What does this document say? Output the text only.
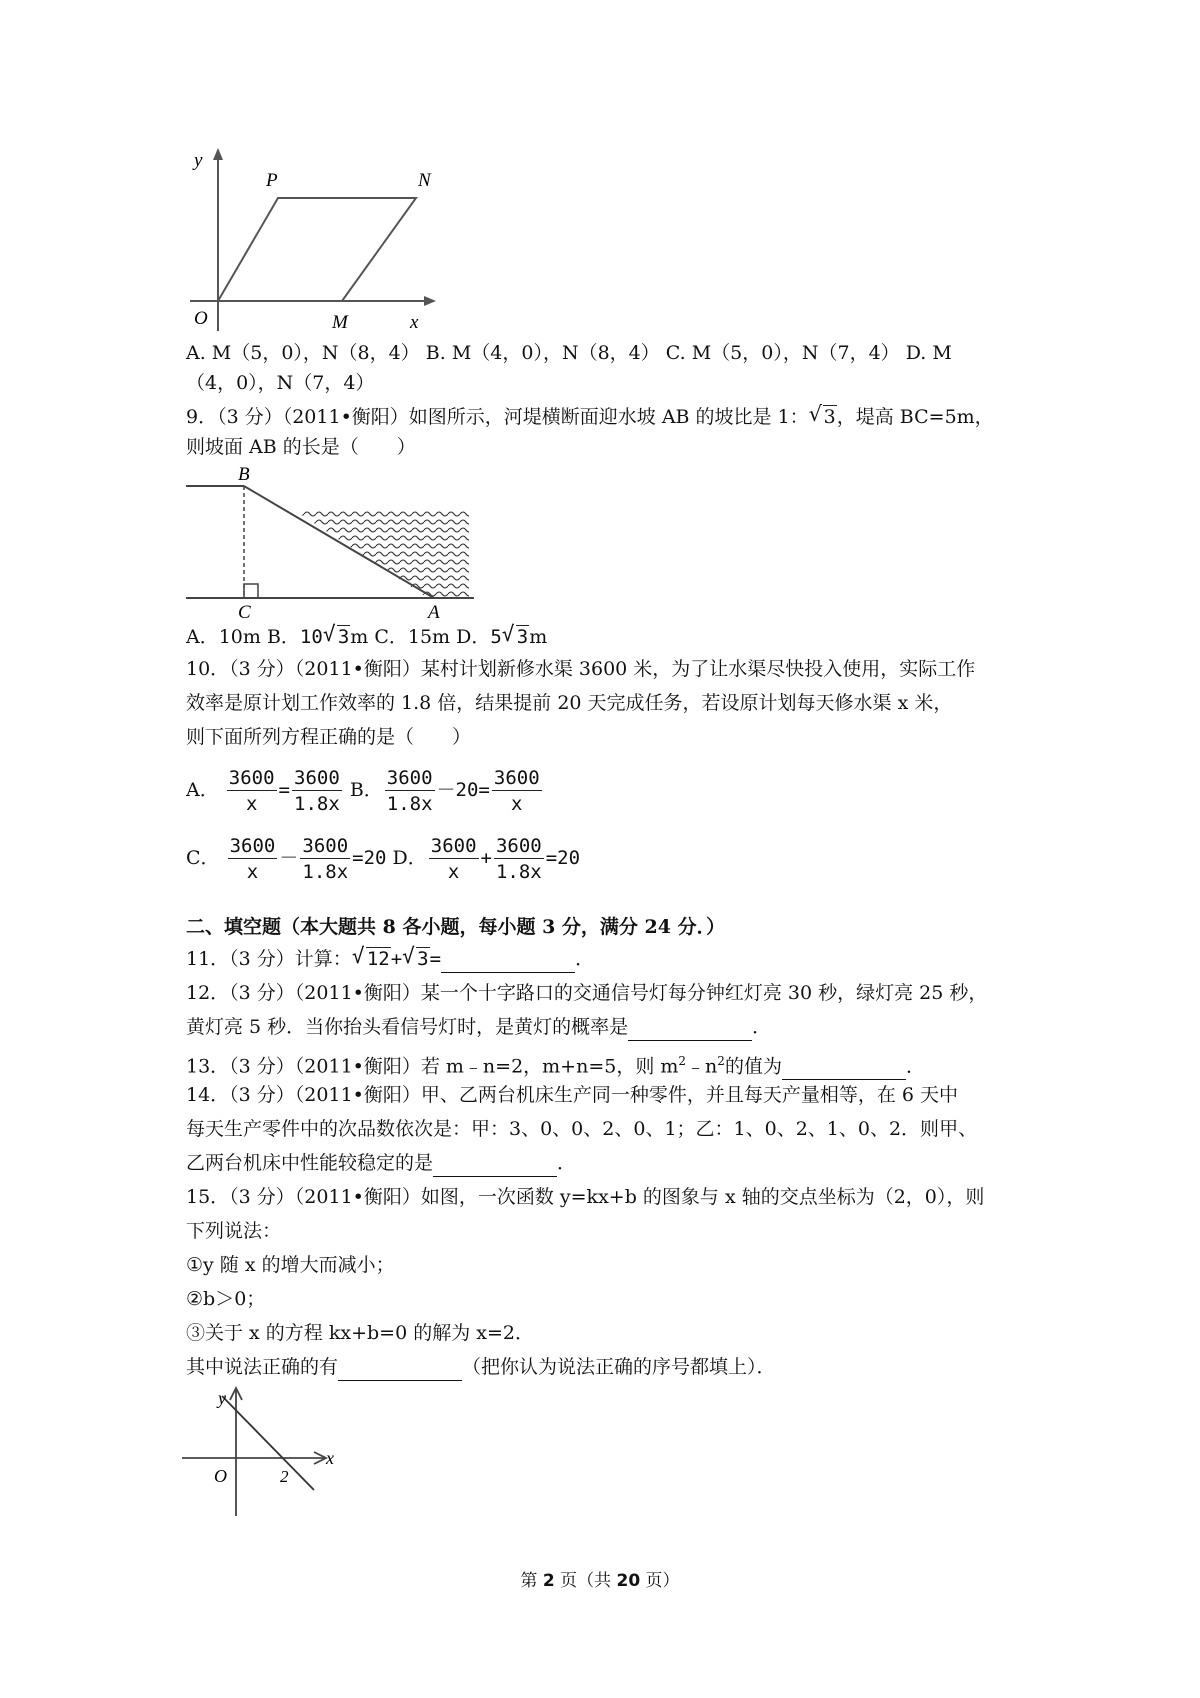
y
P	N
O	M	x
A. M（5，0），N（8，4） B. M（4，0），N（8，4） C. M（5，0），N（7，4） D. M
（4，0），N（7，4）
9．（3 分）（2011•衡阳）如图所示，河堤横断面迎水坡 AB 的坡比是 1： √ 3，堤高 BC=5m，
则坡面 AB 的长是（　　）
B
C	A
A．10m B．10 √ 3m C．15m D．5 √ 3m
10．（3 分）（2011•衡阳）某村计划新修水渠 3600 米，为了让水渠尽快投入使用，实际工作
效率是原计划工作效率的 1.8 倍，结果提前 20 天完成任务，若设原计划每天修水渠 x 米，
则下面所列方程正确的是（　　）
A． $\frac{3600}{x} = \frac{3600}{1.8x}$ B． $\frac{3600}{1.8x} -20= \frac{3600}{x}$
C． $\frac{3600}{x} - \frac{3600}{1.8x} =20$ D． $\frac{3600}{x} + \frac{3600}{1.8x} =20$
二、填空题（本大题共 8 各小题，每小题 3 分，满分 24 分．）
11．（3 分）计算： √ 12+ √ 3=	．
12．（3 分）（2011•衡阳）某一个十字路口的交通信号灯每分钟红灯亮 30 秒，绿灯亮 25 秒，
黄灯亮 5 秒．当你抬头看信号灯时，是黄灯的概率是	．
13．（3 分）（2011•衡阳）若 m﹣n=2，m+n=5，则 $m^2﹣n^2$的值为	．
14．（3 分）（2011•衡阳）甲、乙两台机床生产同一种零件，并且每天产量相等，在 6 天中
每天生产零件中的次品数依次是：甲：3、0、0、2、0、1；乙：1、0、2、1、0、2．则甲、
乙两台机床中性能较稳定的是	．
15．（3 分）（2011•衡阳）如图，一次函数 y=kx+b 的图象与 x 轴的交点坐标为（2，0），则
下列说法：
①y 随 x 的增大而减小；
②b＞0；
③关于 x 的方程 kx+b=0 的解为 x=2．
其中说法正确的有	（把你认为说法正确的序号都填上）．
y
x
O	2
第 2 页（共 20 页）
